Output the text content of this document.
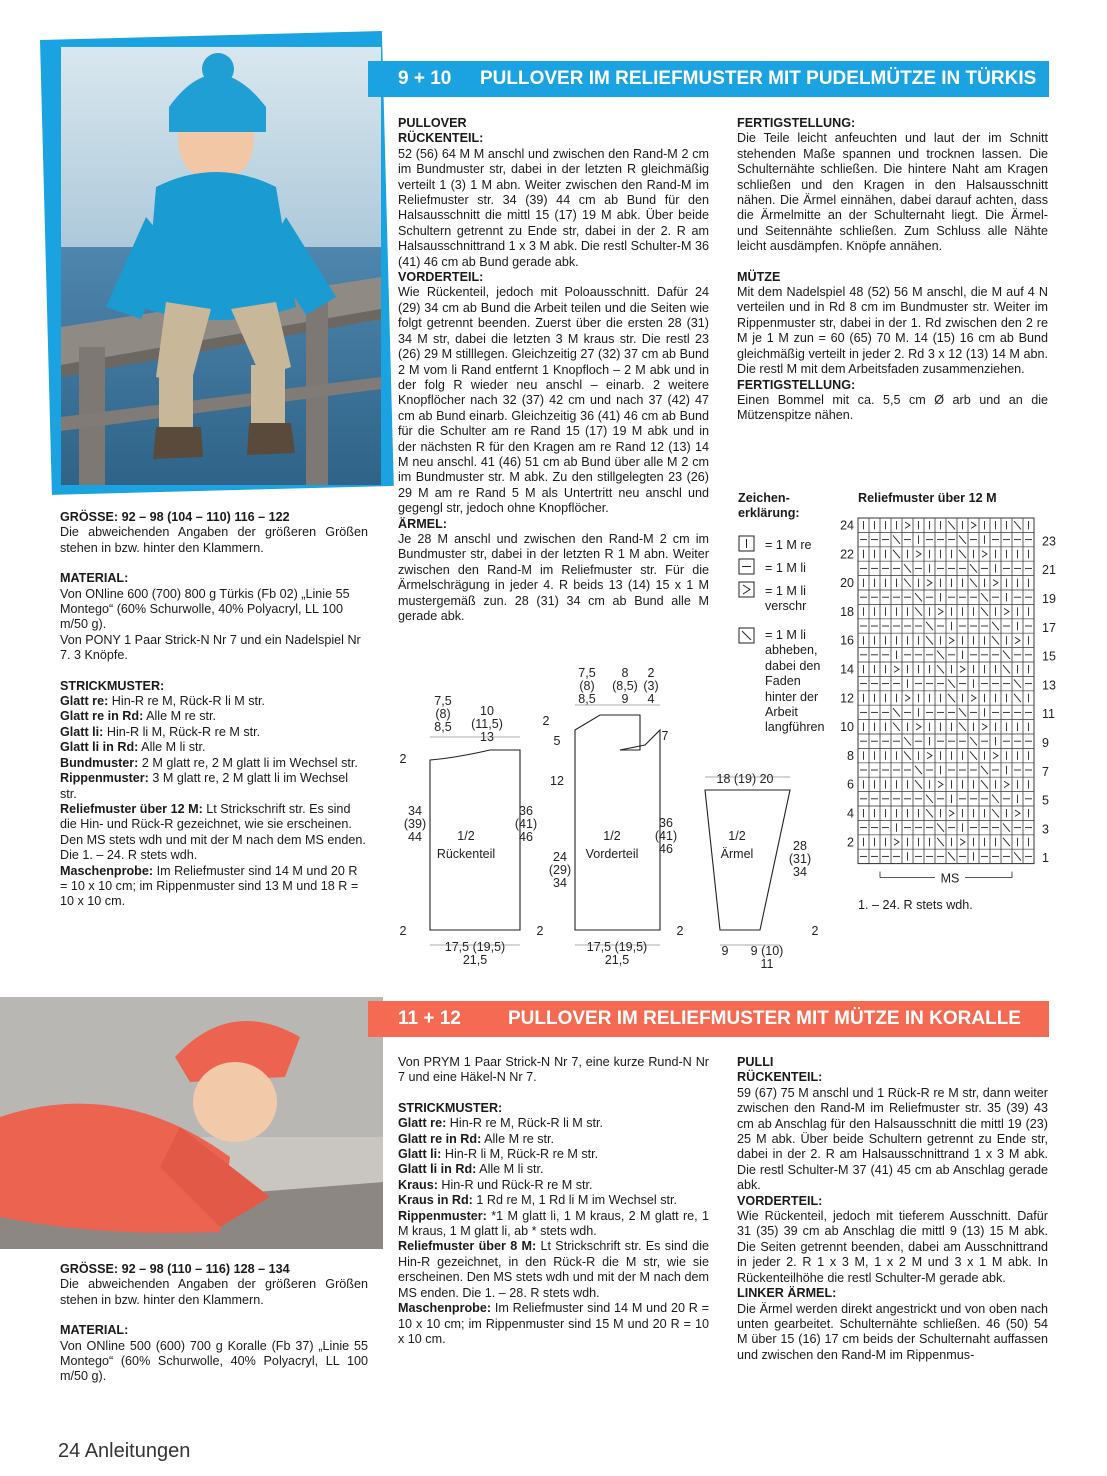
9 + 10 PULLOVER IM RELIEFMUSTER MIT PUDELMÜTZE IN TÜRKIS
GRÖSSE: 92 – 98 (104 – 110) 116 – 122
Die abweichenden Angaben der größeren Größen stehen in bzw. hinter den Klammern.
MATERIAL:
Von ONline 600 (700) 800 g Türkis (Fb 02) „Linie 55 Montego“ (60% Schurwolle, 40% Polyacryl, LL 100 m/50 g).
Von PONY 1 Paar Strick-N Nr 7 und ein Nadelspiel Nr 7. 3 Knöpfe.
STRICKMUSTER:
Glatt re: Hin-R re M, Rück-R li M str.
Glatt re in Rd: Alle M re str.
Glatt li: Hin-R li M, Rück-R re M str.
Glatt li in Rd: Alle M li str.
Bundmuster: 2 M glatt re, 2 M glatt li im Wechsel str.
Rippenmuster: 3 M glatt re, 2 M glatt li im Wechsel str.
Reliefmuster über 12 M: Lt Strickschrift str. Es sind die Hin- und Rück-R gezeichnet, wie sie erscheinen. Den MS stets wdh und mit der M nach dem MS enden. Die 1. – 24. R stets wdh.
Maschenprobe: Im Reliefmuster sind 14 M und 20 R = 10 x 10 cm; im Rippenmuster sind 13 M und 18 R = 10 x 10 cm.
PULLOVER
RÜCKENTEIL:
52 (56) 64 M M anschl und zwischen den Rand-M 2 cm im Bundmuster str, dabei in der letzten R gleichmäßig verteilt 1 (3) 1 M abn. Weiter zwischen den Rand-M im Reliefmuster str. 34 (39) 44 cm ab Bund für den Halsausschnitt die mittl 15 (17) 19 M abk. Über beide Schultern getrennt zu Ende str, dabei in der 2. R am Halsausschnittrand 1 x 3 M abk. Die restl Schulter-M 36 (41) 46 cm ab Bund gerade abk.
VORDERTEIL:
Wie Rückenteil, jedoch mit Poloausschnitt. Dafür 24 (29) 34 cm ab Bund die Arbeit teilen und die Seiten wie folgt getrennt beenden. Zuerst über die ersten 28 (31) 34 M str, dabei die letzten 3 M kraus str. Die restl 23 (26) 29 M stilllegen. Gleichzeitig 27 (32) 37 cm ab Bund 2 M vom li Rand entfernt 1 Knopfloch – 2 M abk und in der folg R wieder neu anschl – einarb. 2 weitere Knopflöcher nach 32 (37) 42 cm und nach 37 (42) 47 cm ab Bund einarb. Gleichzeitig 36 (41) 46 cm ab Bund für die Schulter am re Rand 15 (17) 19 M abk und in der nächsten R für den Kragen am re Rand 12 (13) 14 M neu anschl. 41 (46) 51 cm ab Bund über alle M 2 cm im Bundmuster str. M abk. Zu den stillgelegten 23 (26) 29 M am re Rand 5 M als Untertritt neu anschl und gegengl str, jedoch ohne Knopflöcher.
ÄRMEL:
Je 28 M anschl und zwischen den Rand-M 2 cm im Bundmuster str, dabei in der letzten R 1 M abn. Weiter zwischen den Rand-M im Reliefmuster str. Für die Ärmelschrägung in jeder 4. R beids 13 (14) 15 x 1 M mustergemäß zun. 28 (31) 34 cm ab Bund alle M gerade abk.
FERTIGSTELLUNG:
Die Teile leicht anfeuchten und laut der im Schnitt stehenden Maße spannen und trocknen lassen. Die Schulternähte schließen. Die hintere Naht am Kragen schließen und den Kragen in den Halsausschnitt nähen. Die Ärmel einnähen, dabei darauf achten, dass die Ärmelmitte an der Schulternaht liegt. Die Ärmel- und Seitennähte schließen. Zum Schluss alle Nähte leicht ausdämpfen. Knöpfe annähen.
MÜTZE
Mit dem Nadelspiel 48 (52) 56 M anschl, die M auf 4 N verteilen und in Rd 8 cm im Bundmuster str. Weiter im Rippenmuster str, dabei in der 1. Rd zwischen den 2 re M je 1 M zun = 60 (65) 70 M. 14 (15) 16 cm ab Bund gleichmäßig verteilt in jeder 2. Rd 3 x 12 (13) 14 M abn. Die restl M mit dem Arbeitsfaden zusammenziehen.
FERTIGSTELLUNG:
Einen Bommel mit ca. 5,5 cm Ø arb und an die Mützenspitze nähen.
Zeichen-
erklärung:
= 1 M re
= 1 M li
= 1 M li
verschr
= 1 M li
abheben,
dabei den
Faden
hinter der
Arbeit
langführen
Reliefmuster über 12 M
24
22
20
18
16
14
12
10
8
6
4
2
23
21
19
17
15
13
11
9
7
5
3
1
MS
1. – 24. R stets wdh.
1/2 Rückenteil
7,5 (8) 8,5
10 (11,5) 13
34 (39) 44
36 (41) 46
2
2	2
17,5 (19,5) 21,5
1/2 Vorderteil
7,5 (8) 8,5
8 (8,5) 9
2 (3) 4
2
5	7
12
24 (29) 34
36 (41) 46
2
17,5 (19,5) 21,5
1/2 Ärmel
18 (19) 20
28 (31) 34
2
9 9 (10) 11
11 + 12 PULLOVER IM RELIEFMUSTER MIT MÜTZE IN KORALLE
GRÖSSE: 92 – 98 (110 – 116) 128 – 134
Die abweichenden Angaben der größeren Größen stehen in bzw. hinter den Klammern.
MATERIAL:
Von ONline 500 (600) 700 g Koralle (Fb 37) „Linie 55 Montego“ (60% Schurwolle, 40% Polyacryl, LL 100 m/50 g).
Von PRYM 1 Paar Strick-N Nr 7, eine kurze Rund-N Nr 7 und eine Häkel-N Nr 7.
STRICKMUSTER:
Glatt re: Hin-R re M, Rück-R li M str.
Glatt re in Rd: Alle M re str.
Glatt li: Hin-R li M, Rück-R re M str.
Glatt li in Rd: Alle M li str.
Kraus: Hin-R und Rück-R re M str.
Kraus in Rd: 1 Rd re M, 1 Rd li M im Wechsel str.
Rippenmuster: *1 M glatt li, 1 M kraus, 2 M glatt re, 1 M kraus, 1 M glatt li, ab * stets wdh.
Reliefmuster über 8 M: Lt Strickschrift str. Es sind die Hin-R gezeichnet, in den Rück-R die M str, wie sie erscheinen. Den MS stets wdh und mit der M nach dem MS enden. Die 1. – 28. R stets wdh.
Maschenprobe: Im Reliefmuster sind 14 M und 20 R = 10 x 10 cm; im Rippenmuster sind 15 M und 20 R = 10 x 10 cm.
PULLI
RÜCKENTEIL:
59 (67) 75 M anschl und 1 Rück-R re M str, dann weiter zwischen den Rand-M im Reliefmuster str. 35 (39) 43 cm ab Anschlag für den Halsausschnitt die mittl 19 (23) 25 M abk. Über beide Schultern getrennt zu Ende str, dabei in der 2. R am Halsausschnittrand 1 x 3 M abk. Die restl Schulter-M 37 (41) 45 cm ab Anschlag gerade abk.
VORDERTEIL:
Wie Rückenteil, jedoch mit tieferem Ausschnitt. Dafür 31 (35) 39 cm ab Anschlag die mittl 9 (13) 15 M abk. Die Seiten getrennt beenden, dabei am Ausschnittrand in jeder 2. R 1 x 3 M, 1 x 2 M und 3 x 1 M abk. In Rückenteilhöhe die restl Schulter-M gerade abk.
LINKER ÄRMEL:
Die Ärmel werden direkt angestrickt und von oben nach unten gearbeitet. Schulternähte schließen. 46 (50) 54 M über 15 (16) 17 cm beids der Schulternaht auffassen und zwischen den Rand-M im Rippenmus-
24 Anleitungen
